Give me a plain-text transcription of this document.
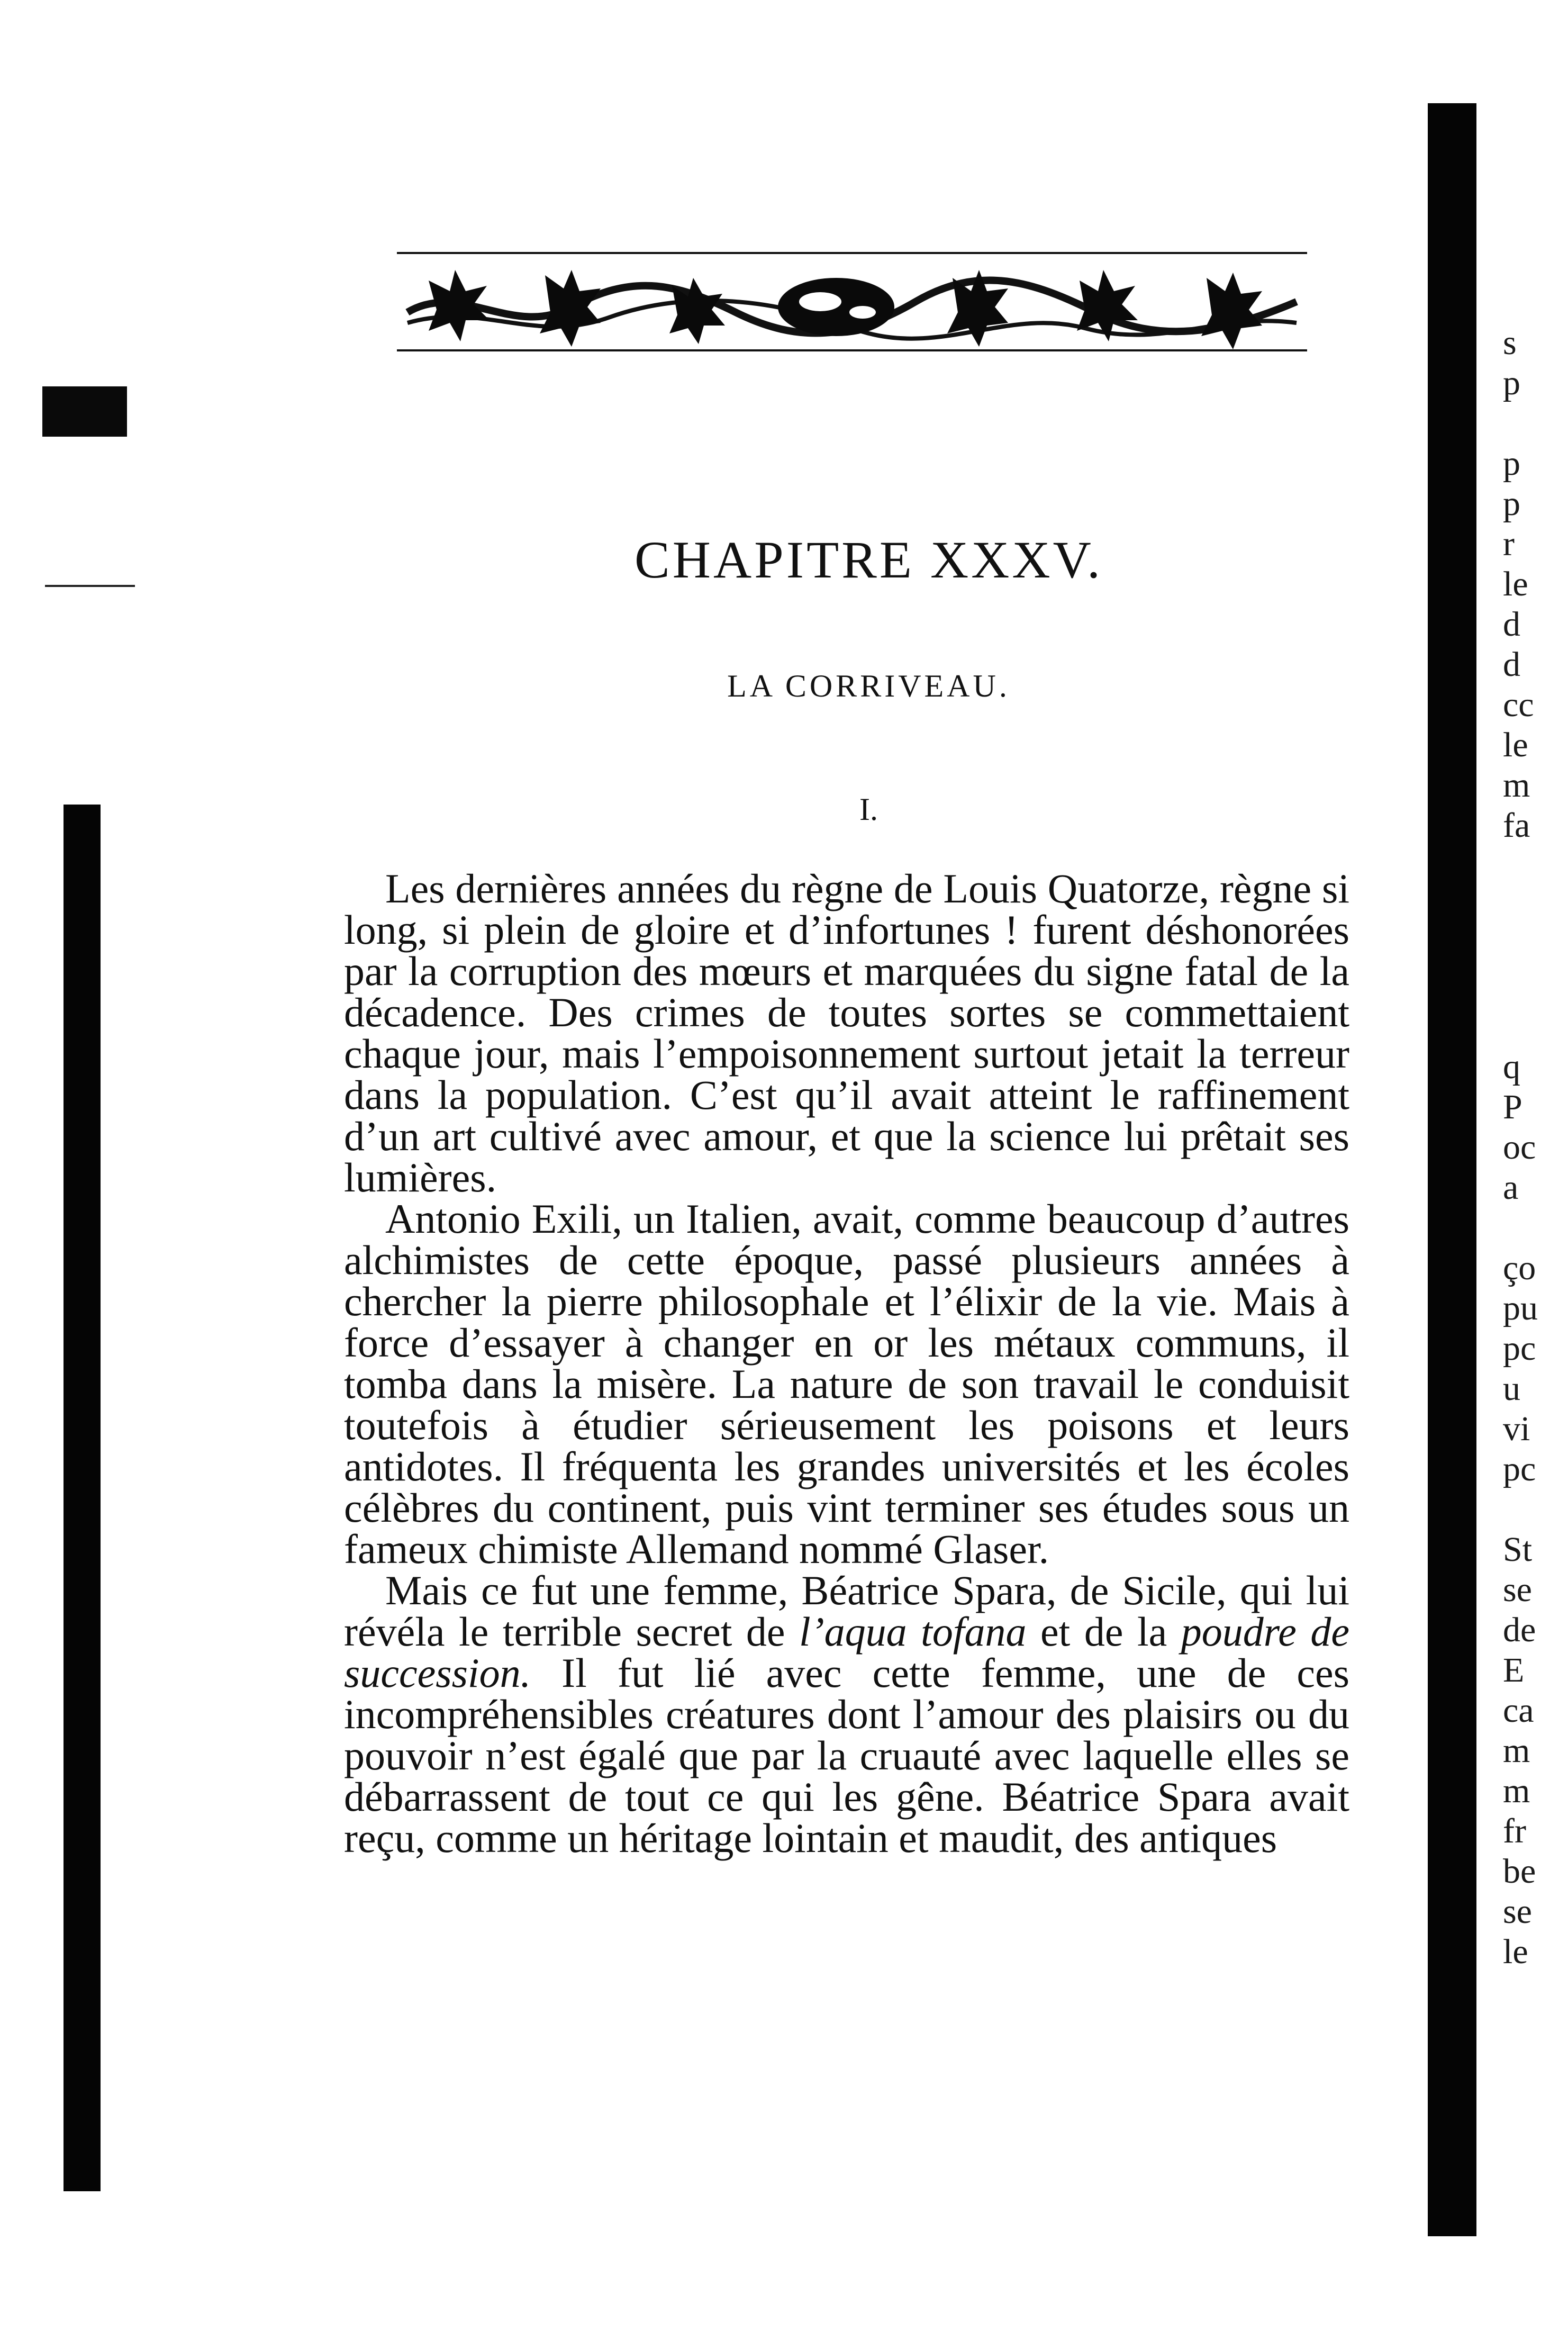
CHAPITRE XXXV.
LA CORRIVEAU.
I.

Les dernières années du règne de Louis Quatorze, règne si long, si plein de gloire et d’infortunes ! furent déshonorées par la corruption des mœurs et marquées du signe fatal de la décadence. Des crimes de toutes sortes se commettaient chaque jour, mais l’empoisonnement surtout jetait la terreur dans la population. C’est qu’il avait atteint le raffinement d’un art cultivé avec amour, et que la science lui prêtait ses lumières.

Antonio Exili, un Italien, avait, comme beaucoup d’autres alchimistes de cette époque, passé plusieurs années à chercher la pierre philosophale et l’élixir de la vie. Mais à force d’essayer à changer en or les métaux communs, il tomba dans la misère. La nature de son travail le conduisit toutefois à étudier sérieusement les poisons et leurs antidotes. Il fréquenta les grandes universités et les écoles célèbres du continent, puis vint terminer ses études sous un fameux chimiste Allemand nommé Glaser.

Mais ce fut une femme, Béatrice Spara, de Sicile, qui lui révéla le terrible secret de l’aqua tofana et de la poudre de succession. Il fut lié avec cette femme, une de ces incompréhensibles créatures dont l’amour des plaisirs ou du pouvoir n’est égalé que par la cruauté avec laquelle elles se débarrassent de tout ce qui les gêne. Béatrice Spara avait reçu, comme un héritage lointain et maudit, des antiques

s
p
p
p
r
le
d
d
cc
le
m
fa
q
P
oc
a
ço
pu
pc
u
vi
pc
St
se
de
E
ca
m
m
fr
be
se
le
